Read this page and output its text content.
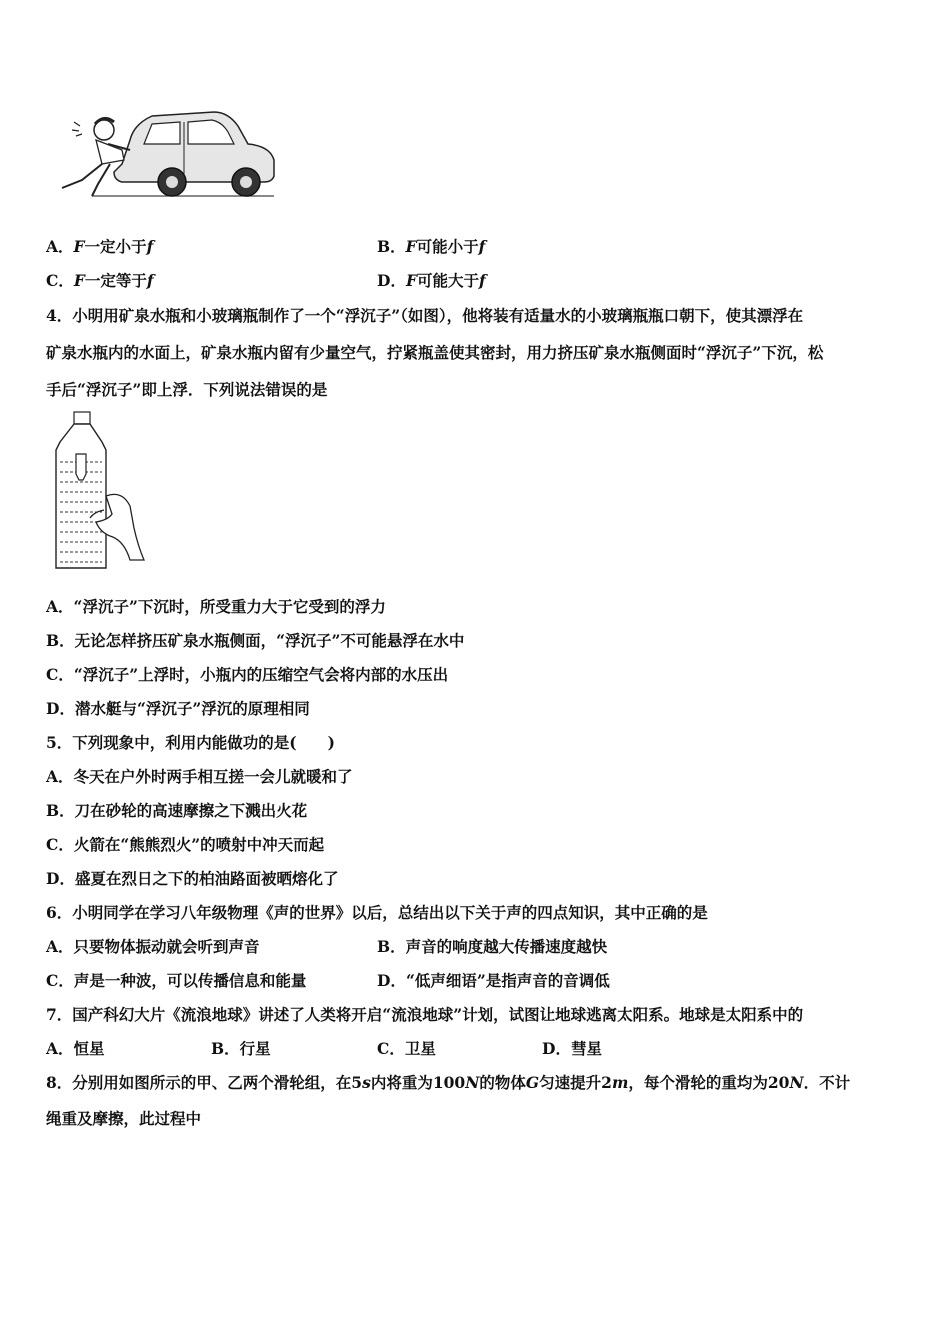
A．F一定小于f	B．F可能小于f
C．F一定等于f	D．F可能大于f
4．小明用矿泉水瓶和小玻璃瓶制作了一个“浮沉子”（如图），他将装有适量水的小玻璃瓶瓶口朝下，使其漂浮在
矿泉水瓶内的水面上，矿泉水瓶内留有少量空气，拧紧瓶盖使其密封，用力挤压矿泉水瓶侧面时“浮沉子”下沉，松
手后“浮沉子”即上浮．下列说法错误的是
A．“浮沉子”下沉时，所受重力大于它受到的浮力
B．无论怎样挤压矿泉水瓶侧面，“浮沉子”不可能悬浮在水中
C．“浮沉子”上浮时，小瓶内的压缩空气会将内部的水压出
D．潜水艇与“浮沉子”浮沉的原理相同
5．下列现象中，利用内能做功的是(　　)
A．冬天在户外时两手相互搓一会儿就暖和了
B．刀在砂轮的高速摩擦之下溅出火花
C．火箭在“熊熊烈火”的喷射中冲天而起
D．盛夏在烈日之下的柏油路面被晒熔化了
6．小明同学在学习八年级物理《声的世界》以后，总结出以下关于声的四点知识，其中正确的是
A．只要物体振动就会听到声音	B．声音的响度越大传播速度越快
C．声是一种波，可以传播信息和能量	D．“低声细语”是指声音的音调低
7．国产科幻大片《流浪地球》讲述了人类将开启“流浪地球”计划，试图让地球逃离太阳系。地球是太阳系中的
A．恒星	B．行星	C．卫星	D．彗星
8．分别用如图所示的甲、乙两个滑轮组，在5s内将重为100N的物体G匀速提升2m，每个滑轮的重均为20N．不计
绳重及摩擦，此过程中
